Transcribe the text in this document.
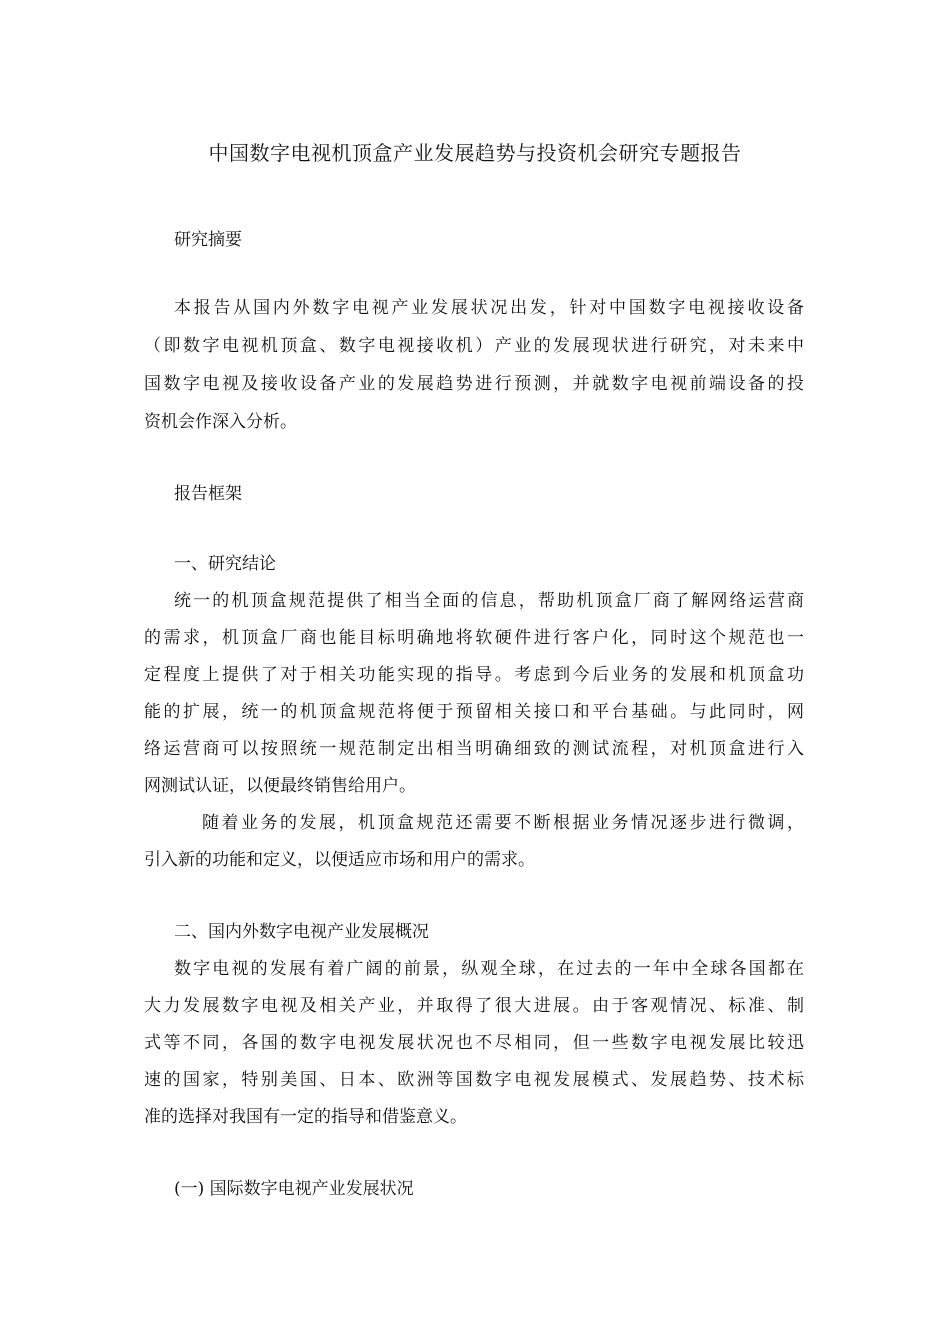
中国数字电视机顶盒产业发展趋势与投资机会研究专题报告
研究摘要
本报告从国内外数字电视产业发展状况出发，针对中国数字电视接收设备
（即数字电视机顶盒、数字电视接收机）产业的发展现状进行研究，对未来中
国数字电视及接收设备产业的发展趋势进行预测，并就数字电视前端设备的投
资机会作深入分析。
报告框架
一、研究结论
统一的机顶盒规范提供了相当全面的信息，帮助机顶盒厂商了解网络运营商
的需求，机顶盒厂商也能目标明确地将软硬件进行客户化，同时这个规范也一
定程度上提供了对于相关功能实现的指导。考虑到今后业务的发展和机顶盒功
能的扩展，统一的机顶盒规范将便于预留相关接口和平台基础。与此同时，网
络运营商可以按照统一规范制定出相当明确细致的测试流程，对机顶盒进行入
网测试认证，以便最终销售给用户。
随着业务的发展，机顶盒规范还需要不断根据业务情况逐步进行微调，
引入新的功能和定义，以便适应市场和用户的需求。
二、国内外数字电视产业发展概况
数字电视的发展有着广阔的前景，纵观全球，在过去的一年中全球各国都在
大力发展数字电视及相关产业，并取得了很大进展。由于客观情况、标准、制
式等不同，各国的数字电视发展状况也不尽相同，但一些数字电视发展比较迅
速的国家，特别美国、日本、欧洲等国数字电视发展模式、发展趋势、技术标
准的选择对我国有一定的指导和借鉴意义。
(一) 国际数字电视产业发展状况
